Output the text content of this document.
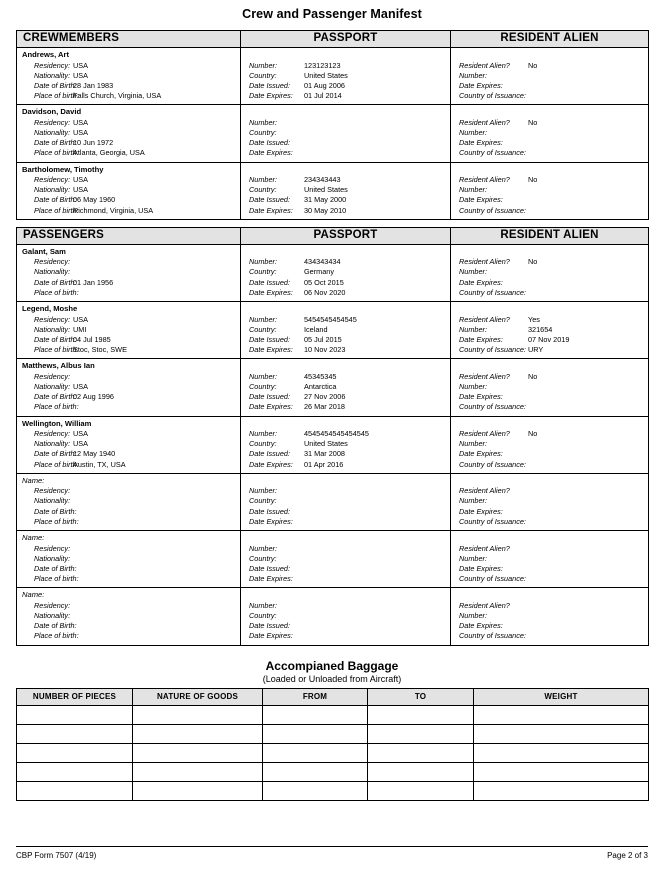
Crew and Passenger Manifest
CREWMEMBERS	PASSPORT	RESIDENT ALIEN

Andrews, Art
Residency: USA
Nationality: USA
Date of Birth:
28 Jan 1983
Place of birth:
Falls Church, Virginia, USA

Number:	123123123
Country:	United States
Date Issued:	01 Aug 2006
Date Expires:	01 Jul 2014

Resident Alien?	No
Number:
Date Expires:
Country of Issuance:

Davidson, David
Residency: USA
Nationality: USA
Date of Birth:
10 Jun 1972
Place of birth:
Atlanta, Georgia, USA

Number:
Country:
Date Issued:
Date Expires:

Resident Alien?	No
Number:
Date Expires:
Country of Issuance:

Bartholomew, Timothy
Residency: USA
Nationality: USA
Date of Birth:
06 May 1960
Place of birth:
Richmond, Virginia, USA

Number:	234343443
Country:	United States
Date Issued:	31 May 2000
Date Expires:	30 May 2010

Resident Alien?	No
Number:
Date Expires:
Country of Issuance:
PASSENGERS	PASSPORT	RESIDENT ALIEN

Galant, Sam
Residency:
Nationality:
Date of Birth:
01 Jan 1956
Place of birth:

Number:	434343434
Country:	Germany
Date Issued:	05 Oct 2015
Date Expires:	06 Nov 2020

Resident Alien?	No
Number:
Date Expires:
Country of Issuance:

Legend, Moshe
Residency: USA
Nationality: UMI
Date of Birth:
04 Jul 1985
Place of birth:
Stoc, Stoc, SWE

Number:	5454545454545
Country:	Iceland
Date Issued:	05 Jul 2015
Date Expires:	10 Nov 2023

Resident Alien?	Yes
Number:	321654
Date Expires:	07 Nov 2019
Country of Issuance: URY

Matthews, Albus Ian
Residency:
Nationality: USA
Date of Birth:
02 Aug 1996
Place of birth:

Number:	45345345
Country:	Antarctica
Date Issued:	27 Nov 2006
Date Expires:	26 Mar 2018

Resident Alien?	No
Number:
Date Expires:
Country of Issuance:

Wellington, William
Residency: USA
Nationality: USA
Date of Birth:
12 May 1940
Place of birth:
Austin, TX, USA

Number:	4545454545454545
Country:	United States
Date Issued:	31 Mar 2008
Date Expires:	01 Apr 2016

Resident Alien?	No
Number:
Date Expires:
Country of Issuance:

Name:
Residency:
Nationality:
Date of Birth:
Place of birth:

Number:
Country:
Date Issued:
Date Expires:

Resident Alien?
Number:
Date Expires:
Country of Issuance:

Name:
Residency:
Nationality:
Date of Birth:
Place of birth:

Number:
Country:
Date Issued:
Date Expires:

Resident Alien?
Number:
Date Expires:
Country of Issuance:

Name:
Residency:
Nationality:
Date of Birth:
Place of birth:

Number:
Country:
Date Issued:
Date Expires:

Resident Alien?
Number:
Date Expires:
Country of Issuance:
Accompianed Baggage
(Loaded or Unloaded from Aircraft)
NUMBER OF PIECES	NATURE OF GOODS	FROM	TO	WEIGHT

CBP Form 7507 (4/19)	Page 2 of 3
